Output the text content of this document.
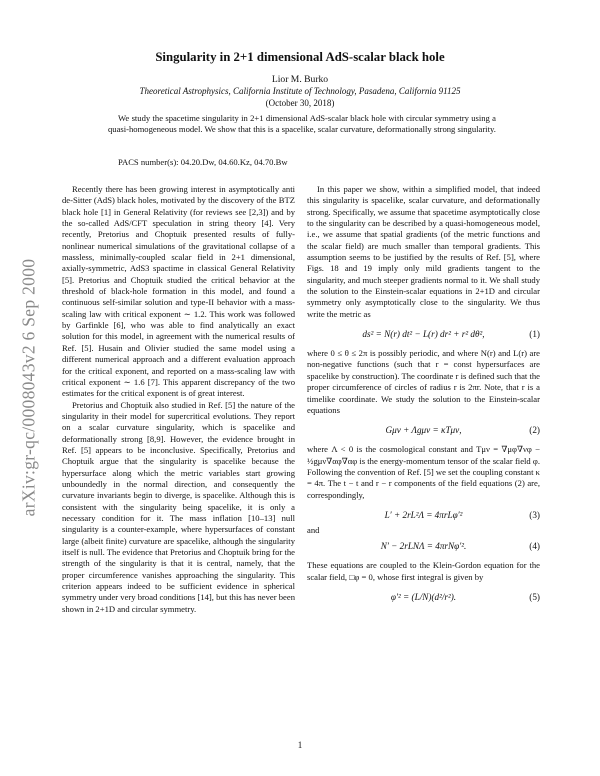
arXiv:gr-qc/0008043v2 6 Sep 2000
Singularity in 2+1 dimensional AdS-scalar black hole
Lior M. Burko
Theoretical Astrophysics, California Institute of Technology, Pasadena, California 91125
(October 30, 2018)
We study the spacetime singularity in 2+1 dimensional AdS-scalar black hole with circular symmetry using a quasi-homogeneous model. We show that this is a spacelike, scalar curvature, deformationally strong singularity.
PACS number(s): 04.20.Dw, 04.60.Kz, 04.70.Bw

Recently there has been growing interest in asymptotically anti de-Sitter (AdS) black holes, motivated by the discovery of the BTZ black hole [1] in General Relativity (for reviews see [2,3]) and by the so-called AdS/CFT speculation in string theory [4]. Very recently, Pretorius and Choptuik presented results of fully-nonlinear numerical simulations of the gravitational collapse of a massless, minimally-coupled scalar field in 2+1 dimensional, axially-symmetric, AdS3 spactime in classical General Relativity [5]. Pretorius and Choptuik studied the critical behavior at the threshold of black-hole formation in this model, and found a continuous self-similar solution and type-II behavior with a mass-scaling law with critical exponent ∼ 1.2. This work was followed by Garfinkle [6], who was able to find analytically an exact solution for this model, in agreement with the numerical results of Ref. [5]. Husain and Olivier studied the same model using a different numerical approach and a different evaluation approach for the critical exponent, and reported on a mass-scaling law with critical exponent ∼ 1.6 [7]. This apparent discrepancy of the two estimates for the critical exponent is of great interest.

Pretorius and Choptuik also studied in Ref. [5] the nature of the singularity in their model for supercritical evolutions. They report on a scalar curvature singularity, which is spacelike and deformationally strong [8,9]. However, the evidence brought in Ref. [5] appears to be inconclusive. Specifically, Pretorius and Choptuik argue that the singularity is spacelike because the hypersurface along which the metric variables start growing unboundedly in the normal direction, and consequently the curvature invariants begin to diverge, is spacelike. Although this is consistent with the singularity being spacelike, it is only a necessary condition for it. The mass inflation [10–13] null singularity is a counter-example, where hypersurfaces of constant large (albeit finite) curvature are spacelike, although the singularity itself is null. The evidence that Pretorius and Choptuik bring for the strength of the singularity is that it is central, namely, that the proper circumference vanishes approaching the singularity. This criterion appears indeed to be sufficient evidence in spherical symmetry under very broad conditions [14], but this has never been shown in 2+1D and circular symmetry.

In this paper we show, within a simplified model, that indeed this singularity is spacelike, scalar curvature, and deformationally strong. Specifically, we assume that spacetime asymptotically close to the singularity can be described by a quasi-homogeneous model, i.e., we assume that spatial gradients (of the metric functions and the scalar field) are much smaller than temporal gradients. This assumption seems to be justified by the results of Ref. [5], where Figs. 18 and 19 imply only mild gradients tangent to the singularity, and much steeper gradients normal to it. We shall study the solution to the Einstein-scalar equations in 2+1D and circular symmetry only asymptotically close to the singularity. We thus write the metric as

ds² = N(r) dt² − L(r) dr² + r² dθ²,	(1)

where 0 ≤ θ ≤ 2π is possibly periodic, and where N(r) and L(r) are non-negative functions (such that r = const hypersurfaces are spacelike by construction). The coordinate r is defined such that the proper circumference of circles of radius r is 2πr. Note, that r is a timelike coordinate. We study the solution to the Einstein-scalar equations

Gμν + Λgμν = κTμν,	(2)

where Λ < 0 is the cosmological constant and Tμν = ∇μφ∇νφ − ½gμν∇αφ∇αφ is the energy-momentum tensor of the scalar field φ. Following the convention of Ref. [5] we set the coupling constant κ = 4π. The t − t and r − r components of the field equations (2) are, correspondingly,

L′ + 2rL²Λ = 4πrLφ′²	(3)

and

N′ − 2rLNΛ = 4πrNφ′².	(4)

These equations are coupled to the Klein-Gordon equation for the scalar field, □φ = 0, whose first integral is given by

φ′² = (L/N)(d²/r²).	(5)
1
